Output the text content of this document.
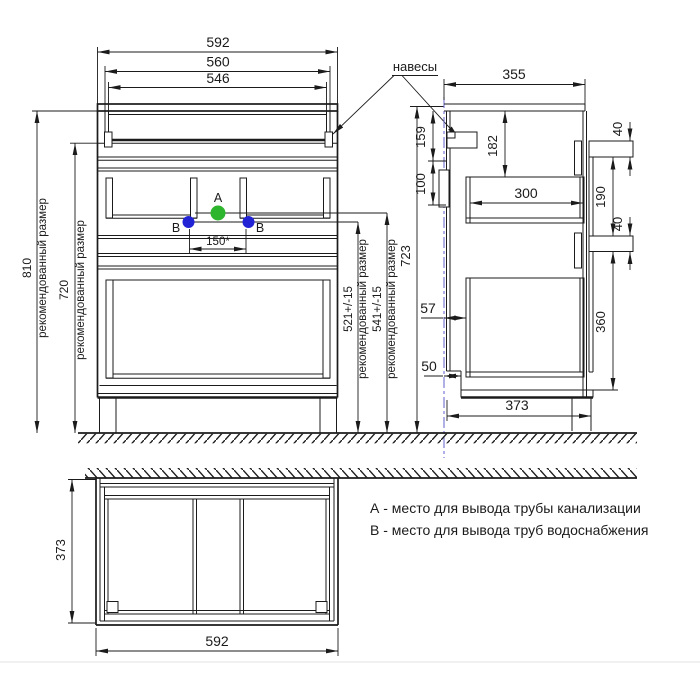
A
B	B
150*
592
560
546
810 рекомендованный размер 720 рекомендованный размер	521+/-15 рекомендованный размер 541+/-15 рекомендованный размер 723
навесы	355
159
100
182
300
40
190
40
360
57
50
373
373
592
А - место для вывода трубы канализации
В - место для вывода труб водоснабжения
